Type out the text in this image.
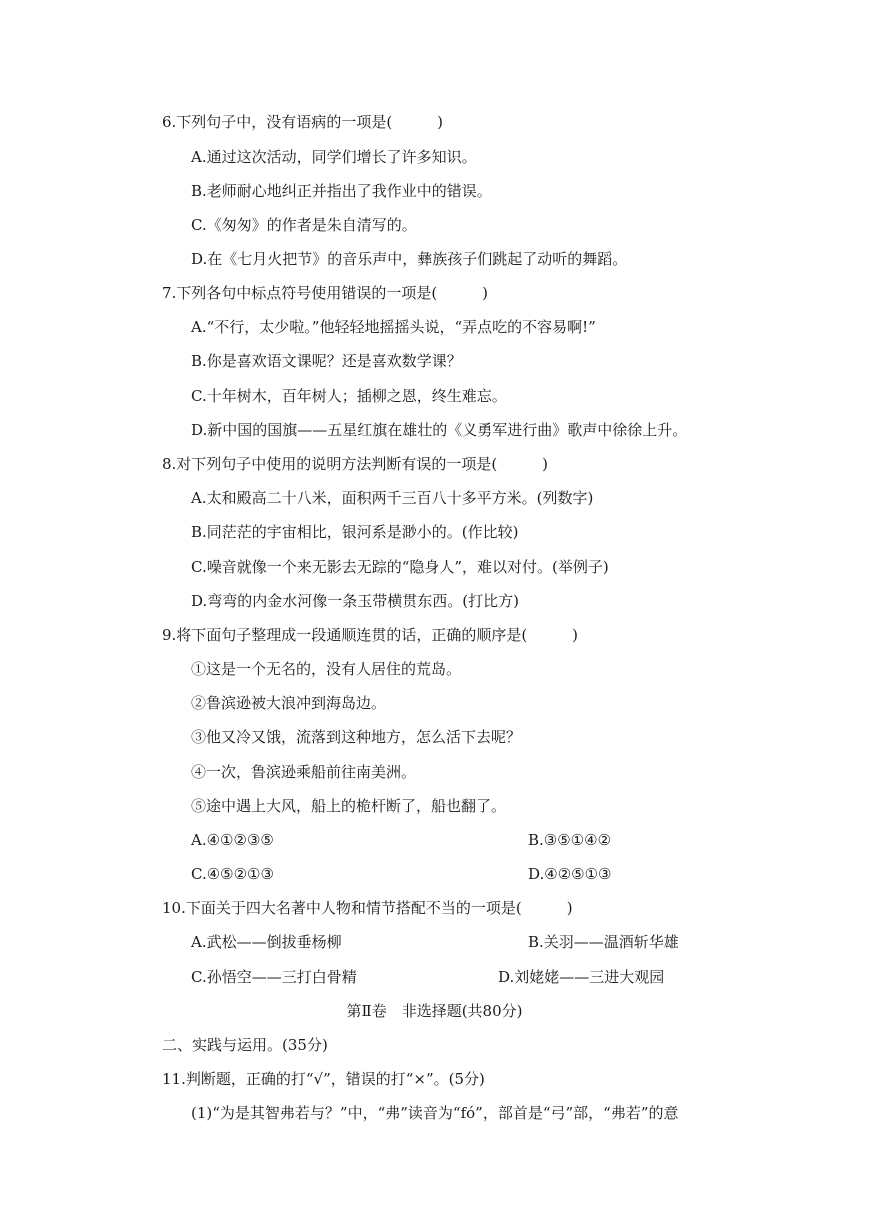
6.下列句子中，没有语病的一项是(　　　)
A.通过这次活动，同学们增长了许多知识。
B.老师耐心地纠正并指出了我作业中的错误。
C.《匆匆》的作者是朱自清写的。
D.在《七月火把节》的音乐声中，彝族孩子们跳起了动听的舞蹈。
7.下列各句中标点符号使用错误的一项是(　　　)
A.“不行，太少啦。”他轻轻地摇摇头说，“弄点吃的不容易啊!”
B.你是喜欢语文课呢？还是喜欢数学课？
C.十年树木，百年树人；插柳之恩，终生难忘。
D.新中国的国旗——五星红旗在雄壮的《义勇军进行曲》歌声中徐徐上升。
8.对下列句子中使用的说明方法判断有误的一项是(　　　)
A.太和殿高二十八米，面积两千三百八十多平方米。(列数字)
B.同茫茫的宇宙相比，银河系是渺小的。(作比较)
C.噪音就像一个来无影去无踪的“隐身人”，难以对付。(举例子)
D.弯弯的内金水河像一条玉带横贯东西。(打比方)
9.将下面句子整理成一段通顺连贯的话，正确的顺序是(　　　)
①这是一个无名的，没有人居住的荒岛。
②鲁滨逊被大浪冲到海岛边。
③他又冷又饿，流落到这种地方，怎么活下去呢？
④一次，鲁滨逊乘船前往南美洲。
⑤途中遇上大风，船上的桅杆断了，船也翻了。
A.④①②③⑤	B.③⑤①④②
C.④⑤②①③	D.④②⑤①③
10.下面关于四大名著中人物和情节搭配不当的一项是(　　　)
A.武松——倒拔垂杨柳	B.关羽——温酒斩华雄
C.孙悟空——三打白骨精	D.刘姥姥——三进大观园
第Ⅱ卷　非选择题(共80分)
二、实践与运用。(35分)
11.判断题，正确的打“√”，错误的打“×”。(5分)
(1)“为是其智弗若与？”中，“弗”读音为“fó”，部首是“弓”部，“弗若”的意
